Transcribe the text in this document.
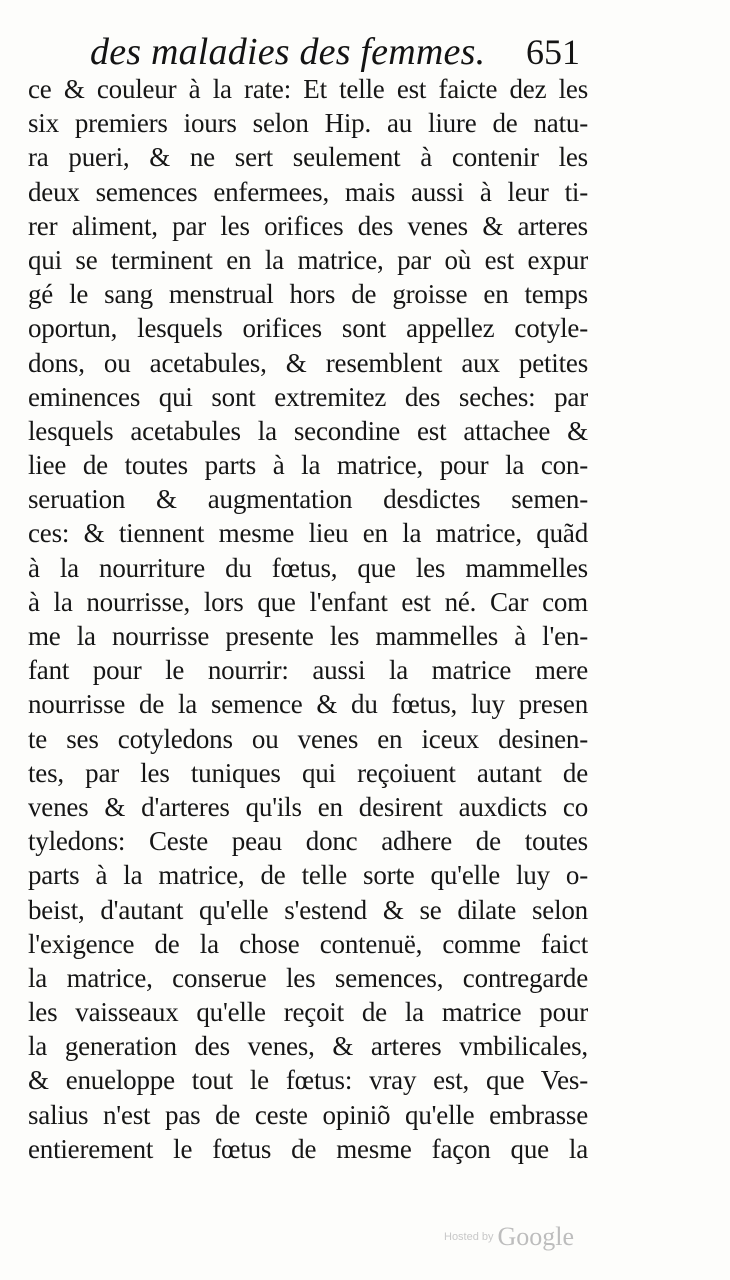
des maladies des femmes. 651
ce & couleur à la rate: Et telle est faicte dez les
six premiers iours selon Hip. au liure de natu-
ra pueri, & ne sert seulement à contenir les
deux semences enfermees, mais aussi à leur ti-
rer aliment, par les orifices des venes & arteres
qui se terminent en la matrice, par où est expur
gé le sang menstrual hors de groisse en temps
oportun, lesquels orifices sont appellez cotyle-
dons, ou acetabules, & resemblent aux petites
eminences qui sont extremitez des seches: par
lesquels acetabules la secondine est attachee &
liee de toutes parts à la matrice, pour la con-
seruation & augmentation desdictes semen-
ces: & tiennent mesme lieu en la matrice, quãd
à la nourriture du fœtus, que les mammelles
à la nourrisse, lors que l'enfant est né. Car com
me la nourrisse presente les mammelles à l'en-
fant pour le nourrir: aussi la matrice mere
nourrisse de la semence & du fœtus, luy presen
te ses cotyledons ou venes en iceux desinen-
tes, par les tuniques qui reçoiuent autant de
venes & d'arteres qu'ils en desirent auxdicts co
tyledons: Ceste peau donc adhere de toutes
parts à la matrice, de telle sorte qu'elle luy o-
beist, d'autant qu'elle s'estend & se dilate selon
l'exigence de la chose contenuë, comme faict
la matrice, conserue les semences, contregarde
les vaisseaux qu'elle reçoit de la matrice pour
la generation des venes, & arteres vmbilicales,
& enueloppe tout le fœtus: vray est, que Ves-
salius n'est pas de ceste opiniõ qu'elle embrasse
entierement le fœtus de mesme façon que la
Hosted by Google
